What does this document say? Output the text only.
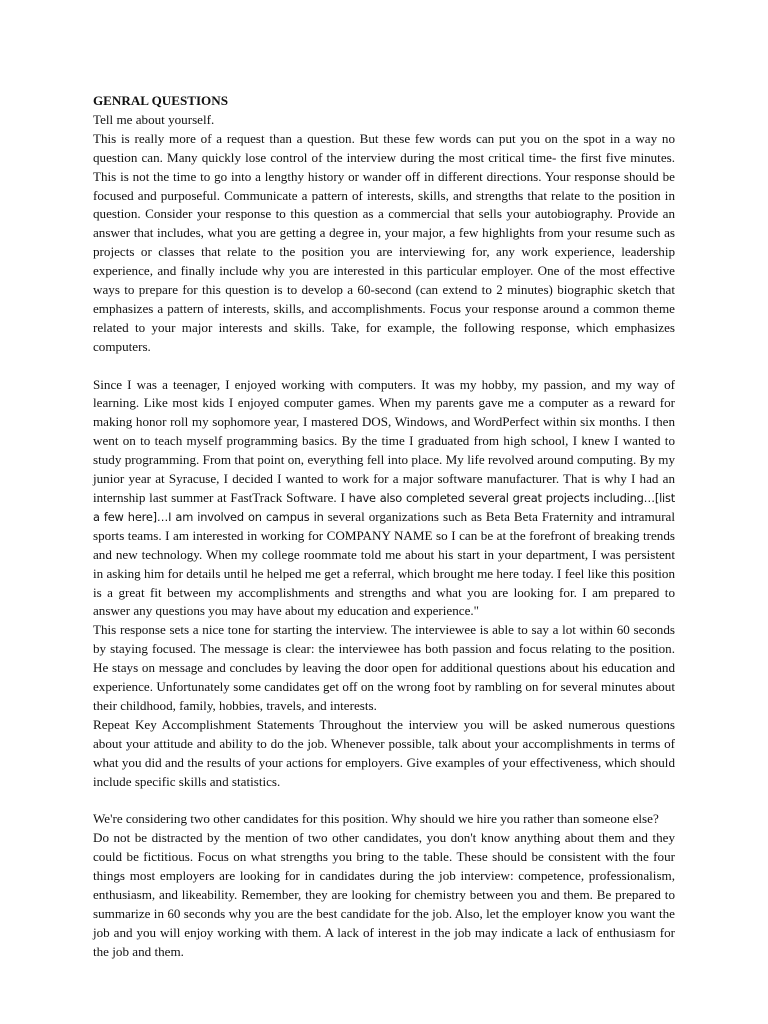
GENRAL QUESTIONS

Tell me about yourself.

This is really more of a request than a question. But these few words can put you on the spot in a way no question can. Many quickly lose control of the interview during the most critical time- the first five minutes. This is not the time to go into a lengthy history or wander off in different directions. Your response should be focused and purposeful. Communicate a pattern of interests, skills, and strengths that relate to the position in question. Consider your response to this question as a commercial that sells your autobiography. Provide an answer that includes, what you are getting a degree in, your major, a few highlights from your resume such as projects or classes that relate to the position you are interviewing for, any work experience, leadership experience, and finally include why you are interested in this particular employer. One of the most effective ways to prepare for this question is to develop a 60-second (can extend to 2 minutes) biographic sketch that emphasizes a pattern of interests, skills, and accomplishments. Focus your response around a common theme related to your major interests and skills. Take, for example, the following response, which emphasizes computers.

Since I was a teenager, I enjoyed working with computers. It was my hobby, my passion, and my way of learning. Like most kids I enjoyed computer games. When my parents gave me a computer as a reward for making honor roll my sophomore year, I mastered DOS, Windows, and WordPerfect within six months. I then went on to teach myself programming basics. By the time I graduated from high school, I knew I wanted to study programming. From that point on, everything fell into place. My life revolved around computing. By my junior year at Syracuse, I decided I wanted to work for a major software manufacturer. That is why I had an internship last summer at FastTrack Software. I have also completed several great projects including…[list a few here]…I am involved on campus in several organizations such as Beta Beta Fraternity and intramural sports teams. I am interested in working for COMPANY NAME so I can be at the forefront of breaking trends and new technology. When my college roommate told me about his start in your department, I was persistent in asking him for details until he helped me get a referral, which brought me here today. I feel like this position is a great fit between my accomplishments and strengths and what you are looking for. I am prepared to answer any questions you may have about my education and experience."

This response sets a nice tone for starting the interview. The interviewee is able to say a lot within 60 seconds by staying focused. The message is clear: the interviewee has both passion and focus relating to the position. He stays on message and concludes by leaving the door open for additional questions about his education and experience. Unfortunately some candidates get off on the wrong foot by rambling on for several minutes about their childhood, family, hobbies, travels, and interests.

Repeat Key Accomplishment Statements Throughout the interview you will be asked numerous questions about your attitude and ability to do the job. Whenever possible, talk about your accomplishments in terms of what you did and the results of your actions for employers. Give examples of your effectiveness, which should include specific skills and statistics.

We're considering two other candidates for this position. Why should we hire you rather than someone else?

Do not be distracted by the mention of two other candidates, you don't know anything about them and they could be fictitious. Focus on what strengths you bring to the table. These should be consistent with the four things most employers are looking for in candidates during the job interview: competence, professionalism, enthusiasm, and likeability. Remember, they are looking for chemistry between you and them. Be prepared to summarize in 60 seconds why you are the best candidate for the job. Also, let the employer know you want the job and you will enjoy working with them. A lack of interest in the job may indicate a lack of enthusiasm for the job and them.
